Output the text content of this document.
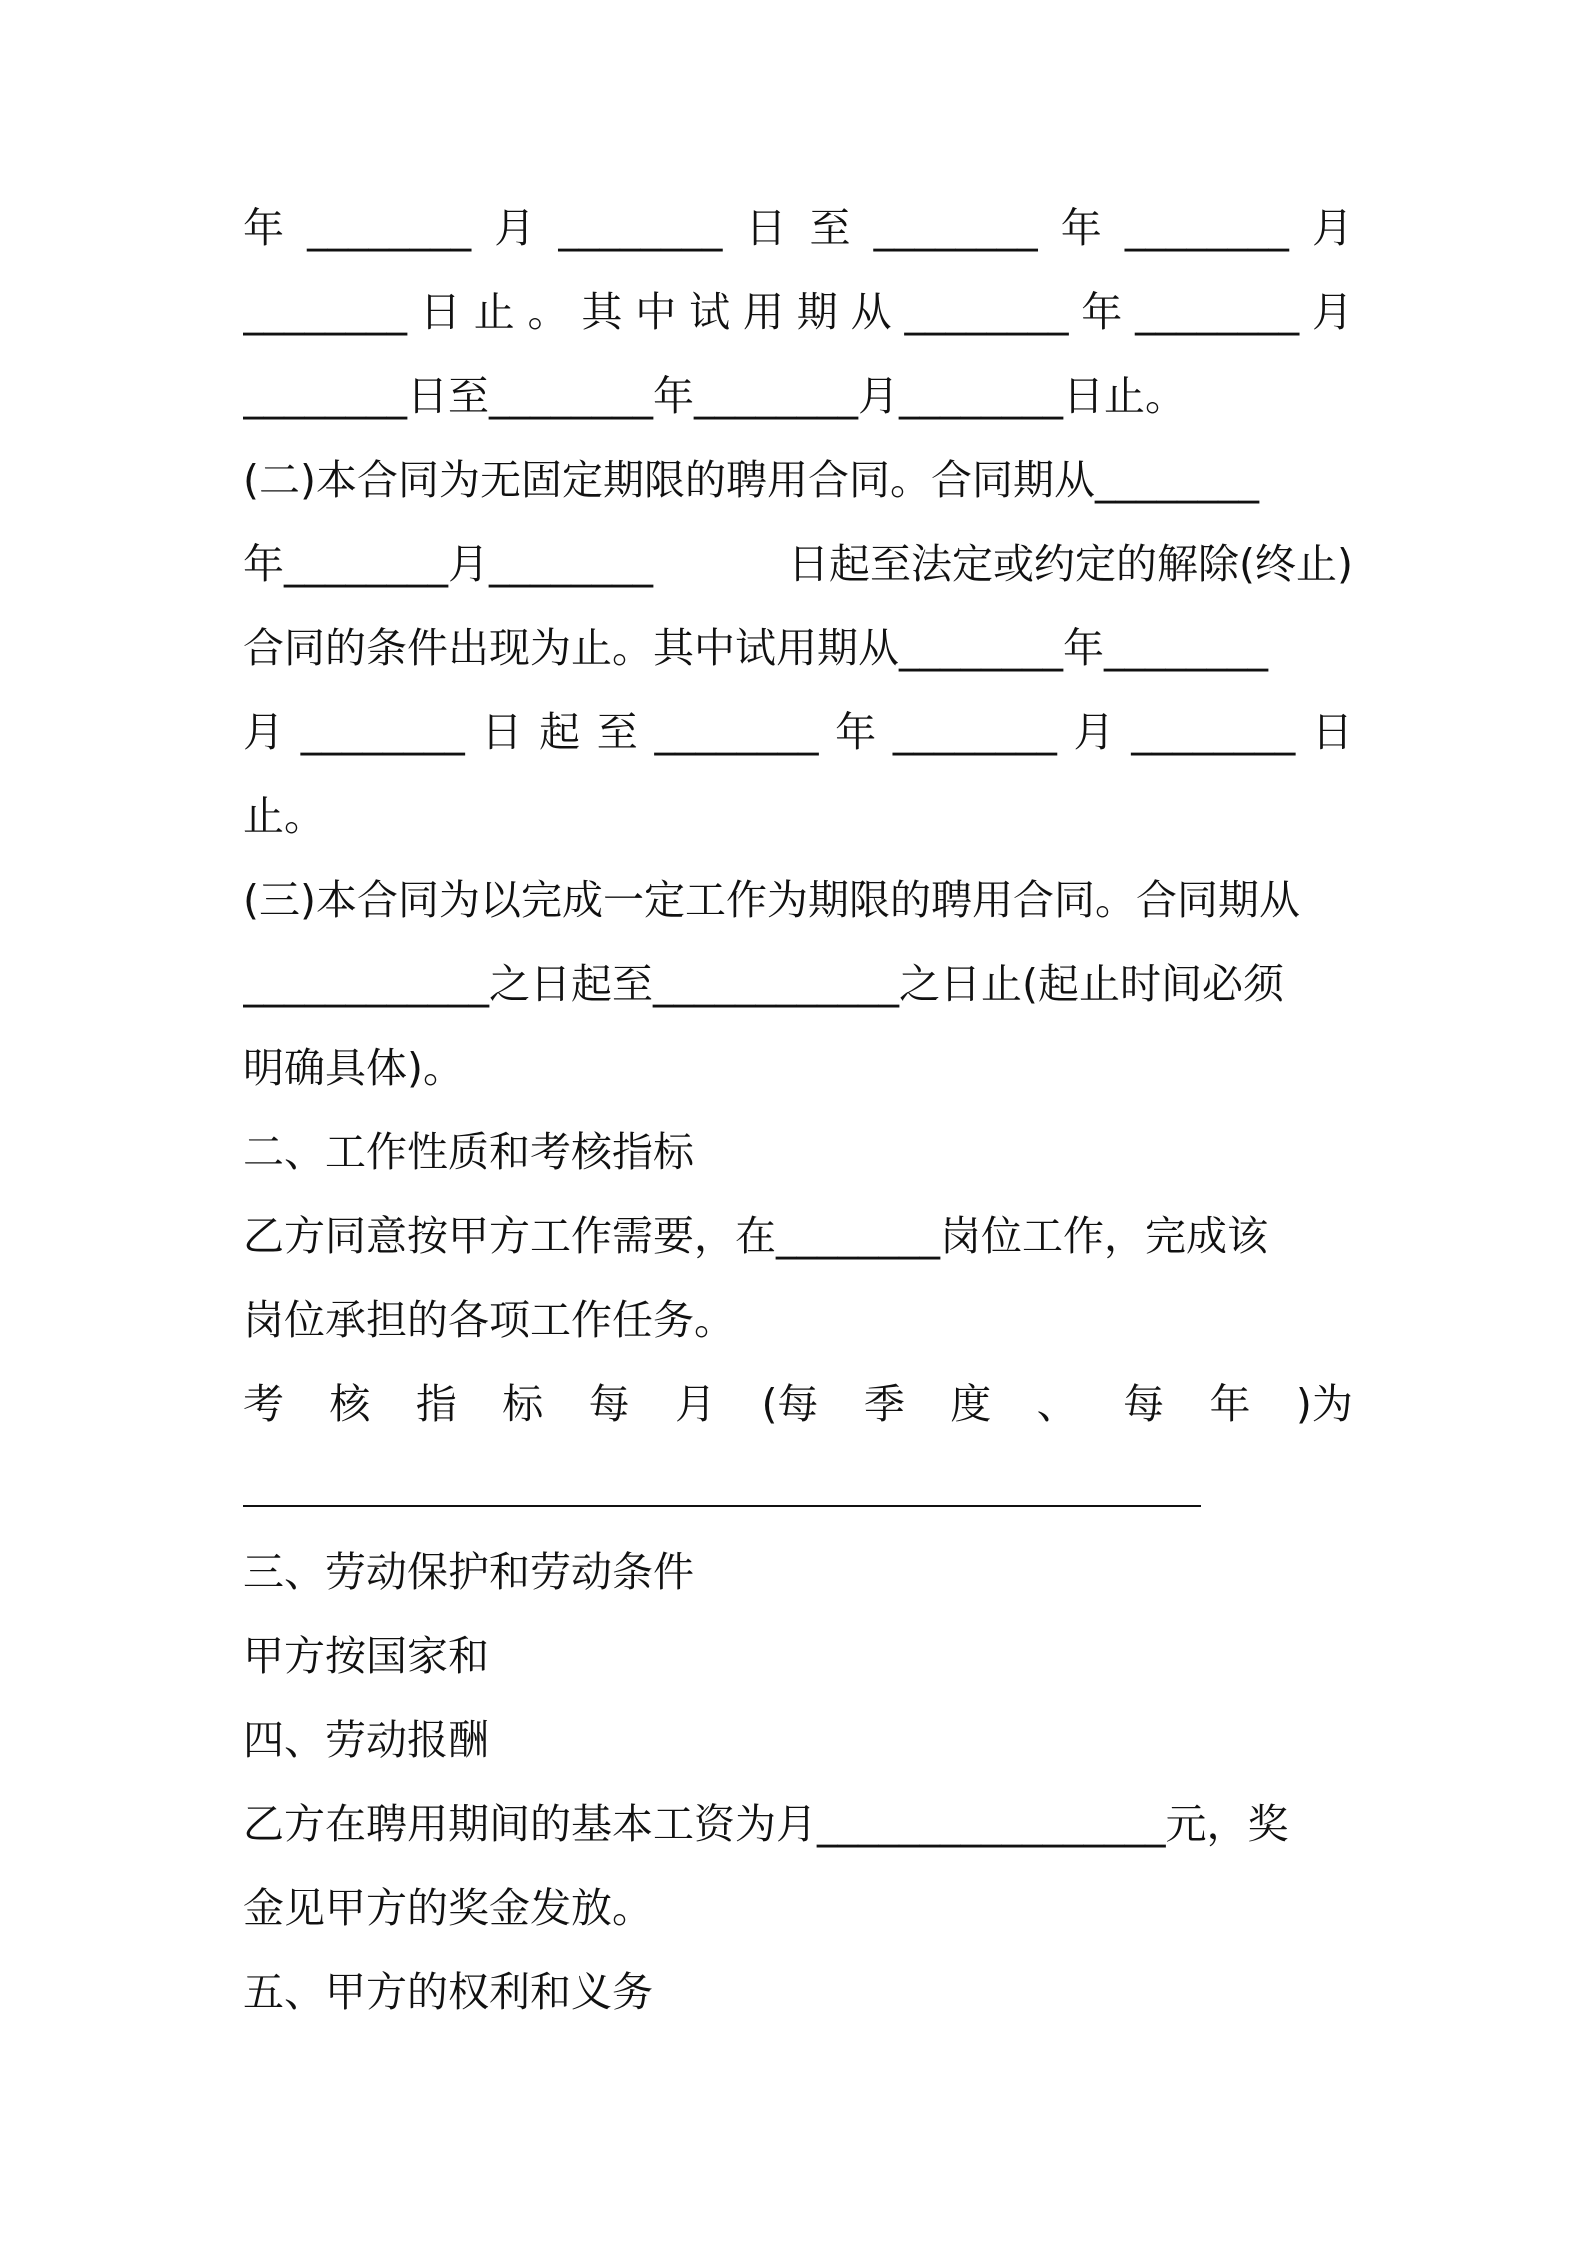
年 ________ 月 ________ 日 至 ________ 年 ________ 月
________ 日 止 。 其 中 试 用 期 从 ________ 年 ________ 月
________日至________年________月________日止。
(二)本合同为无固定期限的聘用合同。合同期从________
年________月________	日起至法定或约定的解除(终止)
合同的条件出现为止。其中试用期从________年________
月 ________ 日 起 至 ________ 年 ________ 月 ________ 日
止。
(三)本合同为以完成一定工作为期限的聘用合同。合同期从
____________之日起至____________之日止(起止时间必须
明确具体)。
二、工作性质和考核指标
乙方同意按甲方工作需要，在________岗位工作，完成该
岗位承担的各项工作任务。
考 核 指 标 每 月 (每 季 度 、 每 年 )为
三、劳动保护和劳动条件
甲方按国家和
四、劳动报酬
乙方在聘用期间的基本工资为月_________________元，奖
金见甲方的奖金发放。
五、甲方的权利和义务
